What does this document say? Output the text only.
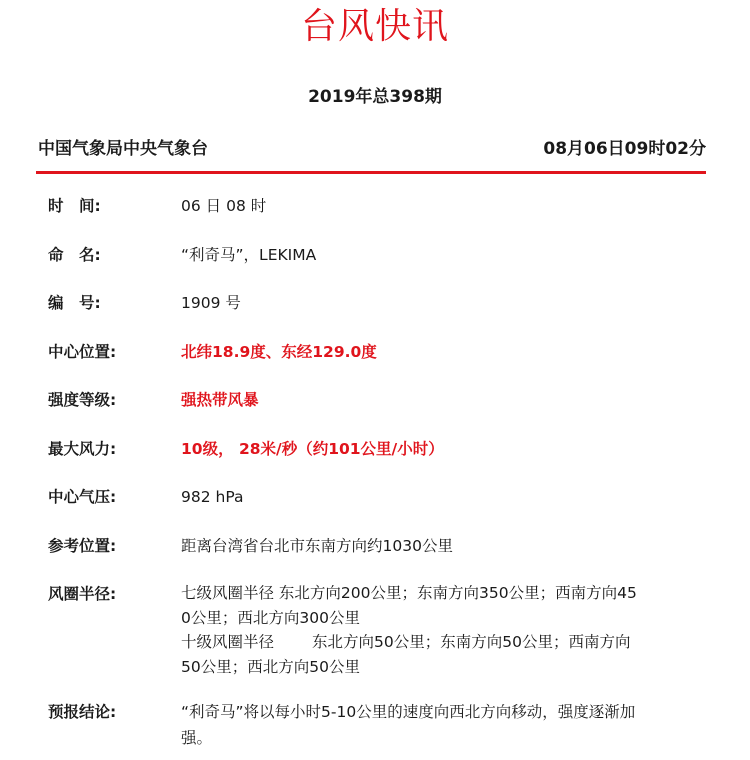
台风快讯
2019年总398期
中国气象局中央气象台	08月06日09时02分
时　间:	06 日 08 时
命　名:	“利奇马”，LEKIMA
编　号:	1909 号
中心位置:	北纬18.9度、东经129.0度
强度等级:	强热带风暴
最大风力:	10级， 28米/秒（约101公里/小时）
中心气压:	982 hPa
参考位置:	距离台湾省台北市东南方向约1030公里
风圈半径:	七级风圈半径 东北方向200公里；东南方向350公里；西南方向45
0公里；西北方向300公里
十级风圈半径 东北方向50公里；东南方向50公里；西南方向
50公里；西北方向50公里
预报结论:	“利奇马”将以每小时5-10公里的速度向西北方向移动，强度逐渐加
强。
